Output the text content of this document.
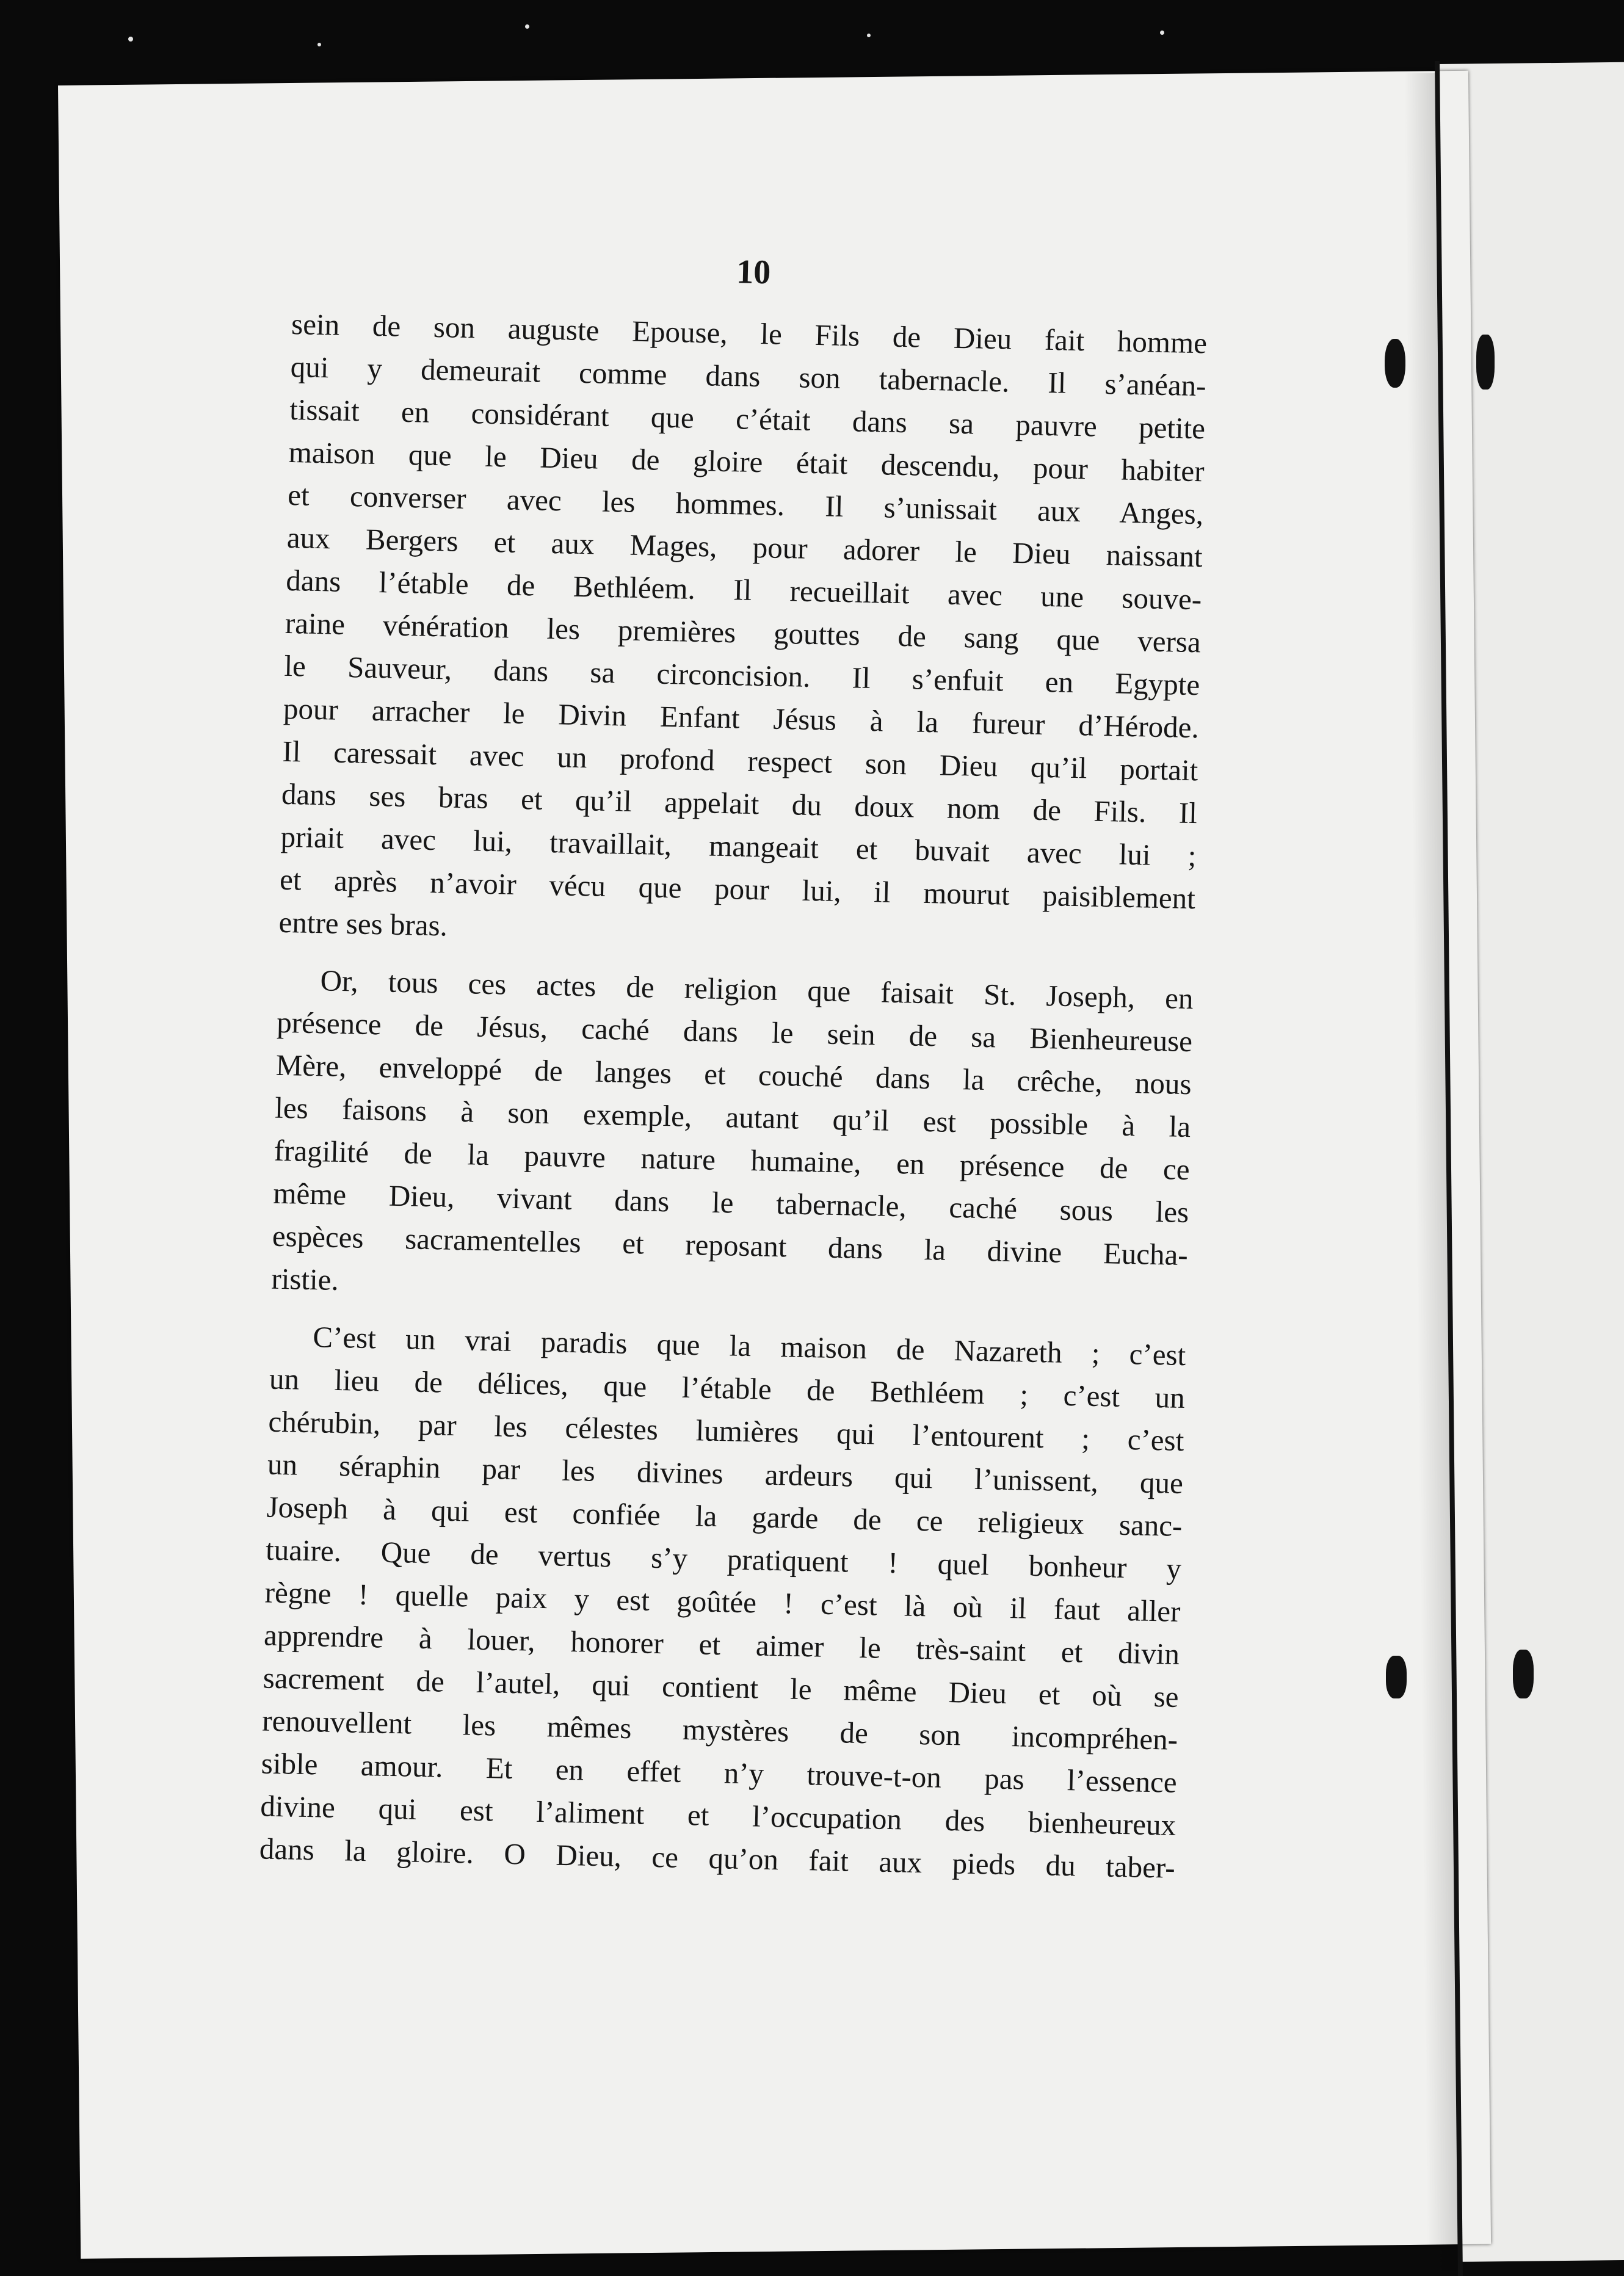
10
sein de son auguste Epouse, le Fils de Dieu fait homme
qui y demeurait comme dans son tabernacle. Il s’anéan-
tissait en considérant que c’était dans sa pauvre petite
maison que le Dieu de gloire était descendu, pour habiter
et converser avec les hommes. Il s’unissait aux Anges,
aux Bergers et aux Mages, pour adorer le Dieu naissant
dans l’étable de Bethléem. Il recueillait avec une souve-
raine vénération les premières gouttes de sang que versa
le Sauveur, dans sa circoncision. Il s’enfuit en Egypte
pour arracher le Divin Enfant Jésus à la fureur d’Hérode.
Il caressait avec un profond respect son Dieu qu’il portait
dans ses bras et qu’il appelait du doux nom de Fils. Il
priait avec lui, travaillait, mangeait et buvait avec lui ;
et après n’avoir vécu que pour lui, il mourut paisiblement
entre ses bras.
Or, tous ces actes de religion que faisait St. Joseph, en
présence de Jésus, caché dans le sein de sa Bienheureuse
Mère, enveloppé de langes et couché dans la crêche, nous
les faisons à son exemple, autant qu’il est possible à la
fragilité de la pauvre nature humaine, en présence de ce
même Dieu, vivant dans le tabernacle, caché sous les
espèces sacramentelles et reposant dans la divine Eucha-
ristie.
C’est un vrai paradis que la maison de Nazareth ; c’est
un lieu de délices, que l’étable de Bethléem ; c’est un
chérubin, par les célestes lumières qui l’entourent ; c’est
un séraphin par les divines ardeurs qui l’unissent, que
Joseph à qui est confiée la garde de ce religieux sanc-
tuaire. Que de vertus s’y pratiquent ! quel bonheur y
règne ! quelle paix y est goûtée ! c’est là où il faut aller
apprendre à louer, honorer et aimer le très-saint et divin
sacrement de l’autel, qui contient le même Dieu et où se
renouvellent les mêmes mystères de son incompréhen-
sible amour. Et en effet n’y trouve-t-on pas l’essence
divine qui est l’aliment et l’occupation des bienheureux
dans la gloire. O Dieu, ce qu’on fait aux pieds du taber-
